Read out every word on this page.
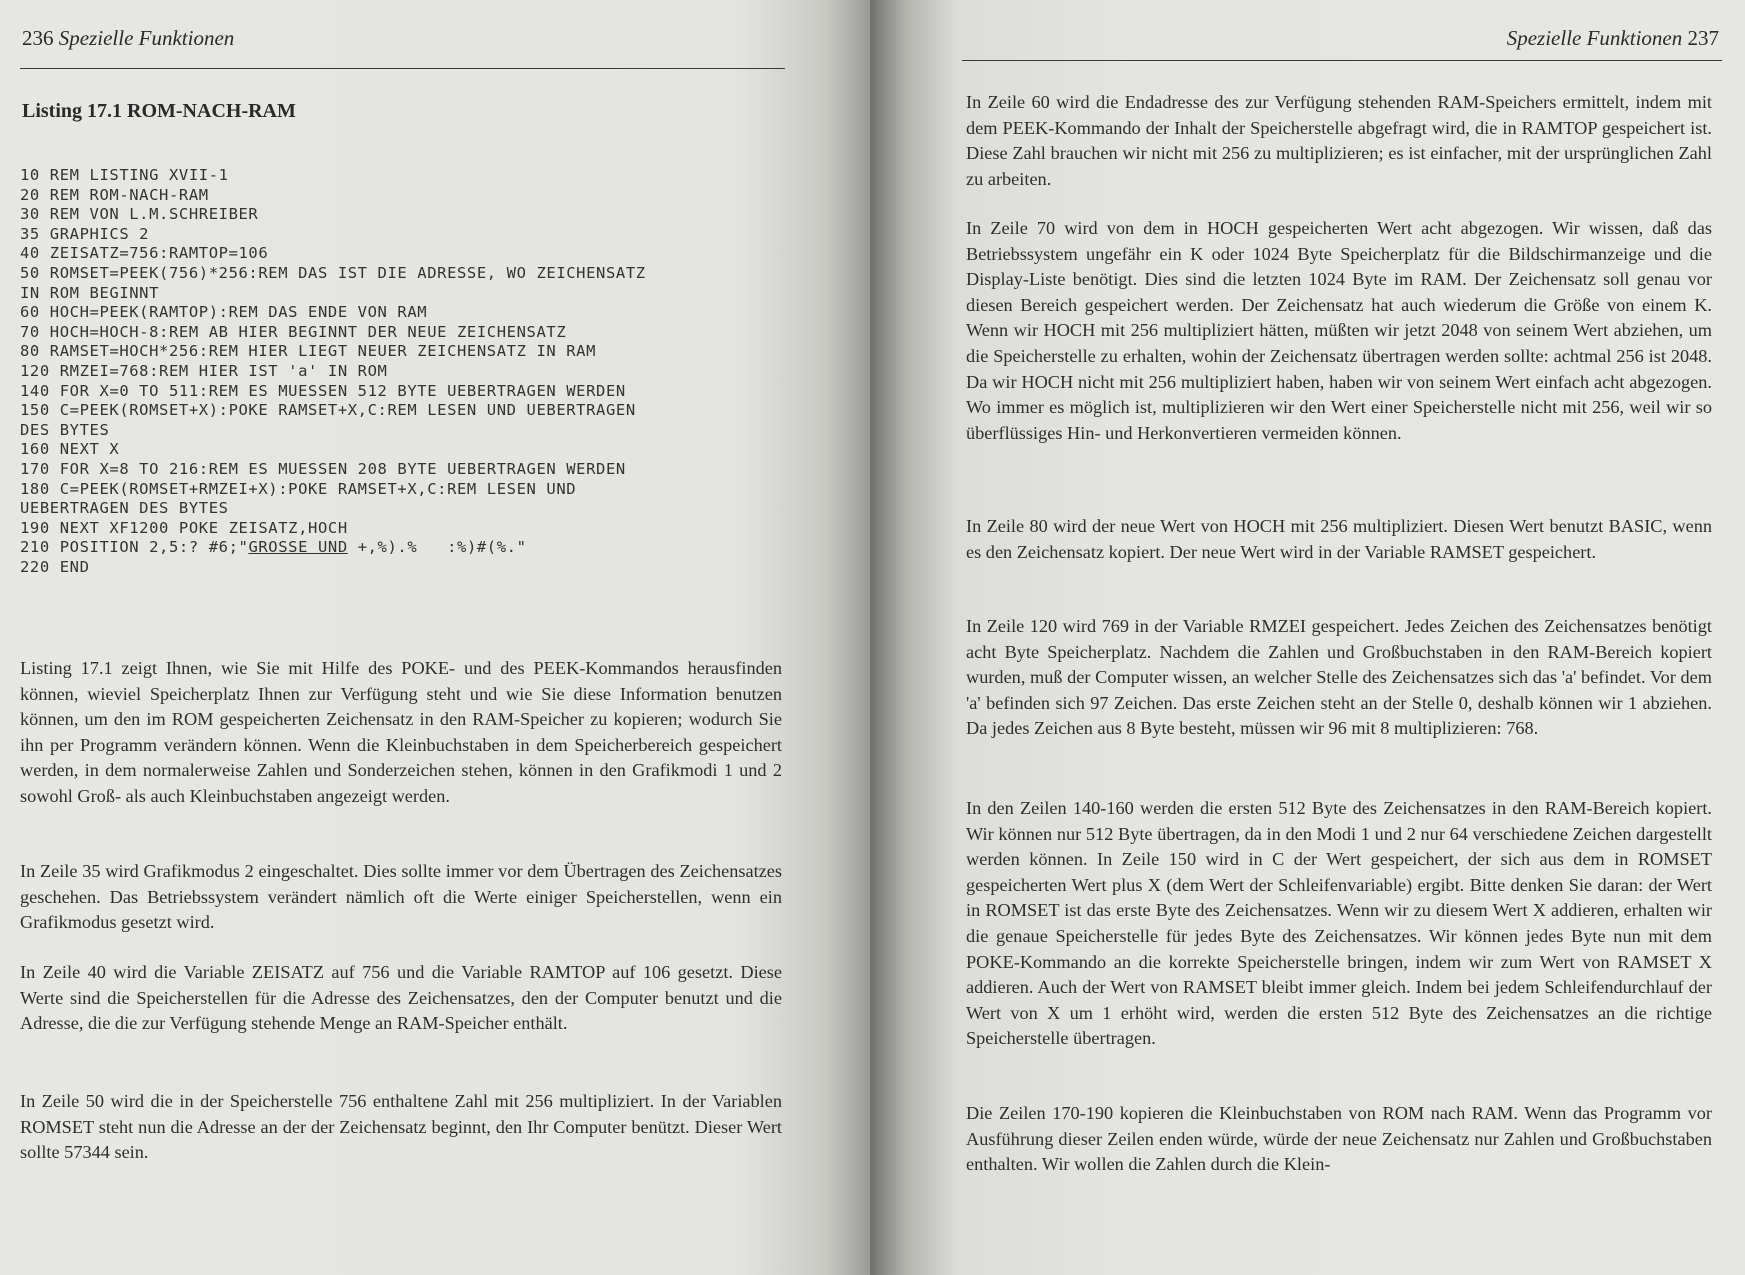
236 Spezielle Funktionen
Listing 17.1 ROM-NACH-RAM
10 REM LISTING XVII-1
20 REM ROM-NACH-RAM
30 REM VON L.M.SCHREIBER
35 GRAPHICS 2
40 ZEISATZ=756:RAMTOP=106
50 ROMSET=PEEK(756)*256:REM DAS IST DIE ADRESSE, WO ZEICHENSATZ
IN ROM BEGINNT
60 HOCH=PEEK(RAMTOP):REM DAS ENDE VON RAM
70 HOCH=HOCH-8:REM AB HIER BEGINNT DER NEUE ZEICHENSATZ
80 RAMSET=HOCH*256:REM HIER LIEGT NEUER ZEICHENSATZ IN RAM
120 RMZEI=768:REM HIER IST 'a' IN ROM
140 FOR X=0 TO 511:REM ES MUESSEN 512 BYTE UEBERTRAGEN WERDEN
150 C=PEEK(ROMSET+X):POKE RAMSET+X,C:REM LESEN UND UEBERTRAGEN
DES BYTES
160 NEXT X
170 FOR X=8 TO 216:REM ES MUESSEN 208 BYTE UEBERTRAGEN WERDEN
180 C=PEEK(ROMSET+RMZEI+X):POKE RAMSET+X,C:REM LESEN UND
UEBERTRAGEN DES BYTES
190 NEXT XF1200 POKE ZEISATZ,HOCH
210 POSITION 2,5:? #6;"GROSSE UND +,%).%   :%)#(%."
220 END

Listing 17.1 zeigt Ihnen, wie Sie mit Hilfe des POKE- und des PEEK-Kommandos herausfinden können, wieviel Speicherplatz Ihnen zur Verfügung steht und wie Sie diese Information benutzen können, um den im ROM gespeicherten Zeichensatz in den RAM-Speicher zu kopieren; wodurch Sie ihn per Programm verändern können. Wenn die Kleinbuchstaben in dem Speicherbereich gespeichert werden, in dem normalerweise Zahlen und Sonderzeichen stehen, können in den Grafikmodi 1 und 2 sowohl Groß- als auch Kleinbuchstaben angezeigt werden.

In Zeile 35 wird Grafikmodus 2 eingeschaltet. Dies sollte immer vor dem Übertragen des Zeichensatzes geschehen. Das Betriebssystem verändert nämlich oft die Werte einiger Speicherstellen, wenn ein Grafikmodus gesetzt wird.

In Zeile 40 wird die Variable ZEISATZ auf 756 und die Variable RAMTOP auf 106 gesetzt. Diese Werte sind die Speicherstellen für die Adresse des Zeichensatzes, den der Computer benutzt und die Adresse, die die zur Verfügung stehende Menge an RAM-Speicher enthält.

In Zeile 50 wird die in der Speicherstelle 756 enthaltene Zahl mit 256 multipliziert. In der Variablen ROMSET steht nun die Adresse an der der Zeichensatz beginnt, den Ihr Computer benützt. Dieser Wert sollte 57344 sein.

Spezielle Funktionen 237

In Zeile 60 wird die Endadresse des zur Verfügung stehenden RAM-Speichers ermittelt, indem mit dem PEEK-Kommando der Inhalt der Speicherstelle abgefragt wird, die in RAMTOP gespeichert ist. Diese Zahl brauchen wir nicht mit 256 zu multiplizieren; es ist einfacher, mit der ursprünglichen Zahl zu arbeiten.

In Zeile 70 wird von dem in HOCH gespeicherten Wert acht abgezogen. Wir wissen, daß das Betriebssystem ungefähr ein K oder 1024 Byte Speicherplatz für die Bildschirmanzeige und die Display-Liste benötigt. Dies sind die letzten 1024 Byte im RAM. Der Zeichensatz soll genau vor diesen Bereich gespeichert werden. Der Zeichensatz hat auch wiederum die Größe von einem K. Wenn wir HOCH mit 256 multipliziert hätten, müßten wir jetzt 2048 von seinem Wert abziehen, um die Speicherstelle zu erhalten, wohin der Zeichensatz übertragen werden sollte: achtmal 256 ist 2048. Da wir HOCH nicht mit 256 multipliziert haben, haben wir von seinem Wert einfach acht abgezogen. Wo immer es möglich ist, multiplizieren wir den Wert einer Speicherstelle nicht mit 256, weil wir so überflüssiges Hin- und Herkonvertieren vermeiden können.

In Zeile 80 wird der neue Wert von HOCH mit 256 multipliziert. Diesen Wert benutzt BASIC, wenn es den Zeichensatz kopiert. Der neue Wert wird in der Variable RAMSET gespeichert.

In Zeile 120 wird 769 in der Variable RMZEI gespeichert. Jedes Zeichen des Zeichensatzes benötigt acht Byte Speicherplatz. Nachdem die Zahlen und Großbuchstaben in den RAM-Bereich kopiert wurden, muß der Computer wissen, an welcher Stelle des Zeichensatzes sich das 'a' befindet. Vor dem 'a' befinden sich 97 Zeichen. Das erste Zeichen steht an der Stelle 0, deshalb können wir 1 abziehen. Da jedes Zeichen aus 8 Byte besteht, müssen wir 96 mit 8 multiplizieren: 768.

In den Zeilen 140-160 werden die ersten 512 Byte des Zeichensatzes in den RAM-Bereich kopiert. Wir können nur 512 Byte übertragen, da in den Modi 1 und 2 nur 64 verschiedene Zeichen dargestellt werden können. In Zeile 150 wird in C der Wert gespeichert, der sich aus dem in ROMSET gespeicherten Wert plus X (dem Wert der Schleifenvariable) ergibt. Bitte denken Sie daran: der Wert in ROMSET ist das erste Byte des Zeichensatzes. Wenn wir zu diesem Wert X addieren, erhalten wir die genaue Speicherstelle für jedes Byte des Zeichensatzes. Wir können jedes Byte nun mit dem POKE-Kommando an die korrekte Speicherstelle bringen, indem wir zum Wert von RAMSET X addieren. Auch der Wert von RAMSET bleibt immer gleich. Indem bei jedem Schleifendurchlauf der Wert von X um 1 erhöht wird, werden die ersten 512 Byte des Zeichensatzes an die richtige Speicherstelle übertragen.

Die Zeilen 170-190 kopieren die Kleinbuchstaben von ROM nach RAM. Wenn das Programm vor Ausführung dieser Zeilen enden würde, würde der neue Zeichensatz nur Zahlen und Großbuchstaben enthalten. Wir wollen die Zahlen durch die Klein-
